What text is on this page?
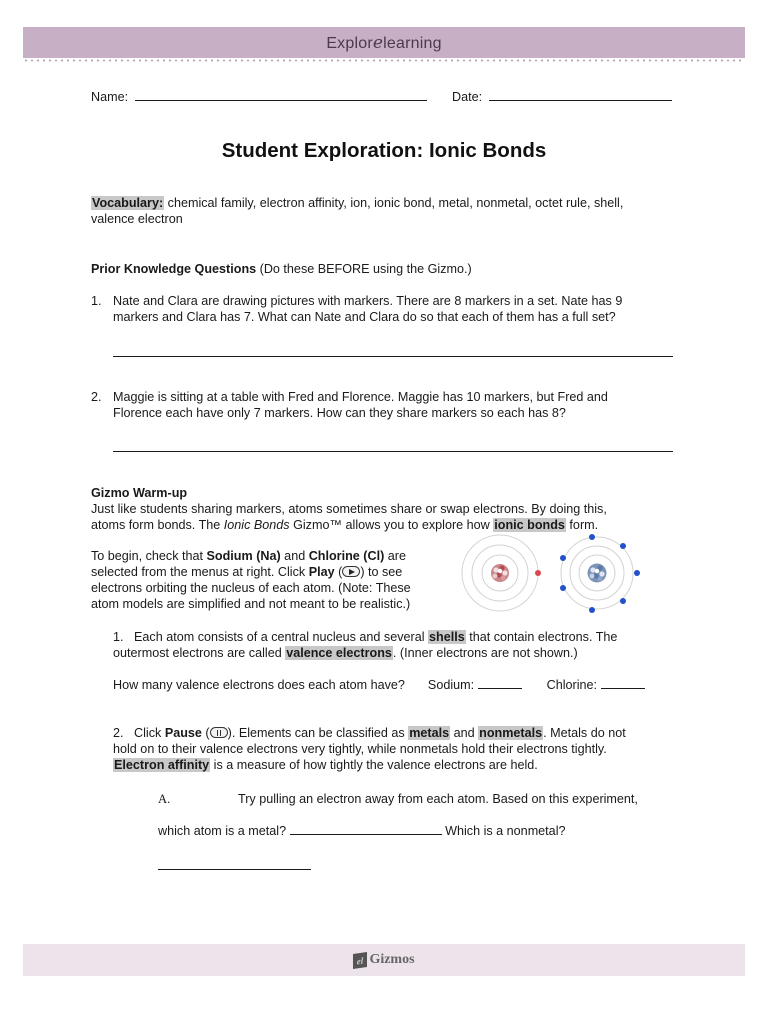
Explorelearning
Name:	Date:
Student Exploration: Ionic Bonds
Vocabulary: chemical family, electron affinity, ion, ionic bond, metal, nonmetal, octet rule, shell,
valence electron
Prior Knowledge Questions (Do these BEFORE using the Gizmo.)
1. Nate and Clara are drawing pictures with markers. There are 8 markers in a set. Nate has 9
markers and Clara has 7. What can Nate and Clara do so that each of them has a full set?
2. Maggie is sitting at a table with Fred and Florence. Maggie has 10 markers, but Fred and
Florence each have only 7 markers. How can they share markers so each has 8?
Gizmo Warm-up
Just like students sharing markers, atoms sometimes share or swap electrons. By doing this,
atoms form bonds. The Ionic Bonds Gizmo™ allows you to explore how ionic bonds form.
To begin, check that Sodium (Na) and Chlorine (Cl) are
selected from the menus at right. Click Play ( ) to see
electrons orbiting the nucleus of each atom. (Note: These
atom models are simplified and not meant to be realistic.)
1. Each atom consists of a central nucleus and several shells that contain electrons. The
outermost electrons are called valence electrons. (Inner electrons are not shown.)
How many valence electrons does each atom have? Sodium:	Chlorine:
2. Click Pause ( ). Elements can be classified as metals and nonmetals. Metals do not
hold on to their valence electrons very tightly, while nonmetals hold their electrons tightly.
Electron affinity is a measure of how tightly the valence electrons are held.
A.	Try pulling an electron away from each atom. Based on this experiment,
which atom is a metal?	Which is a nonmetal?
el Gizmos
